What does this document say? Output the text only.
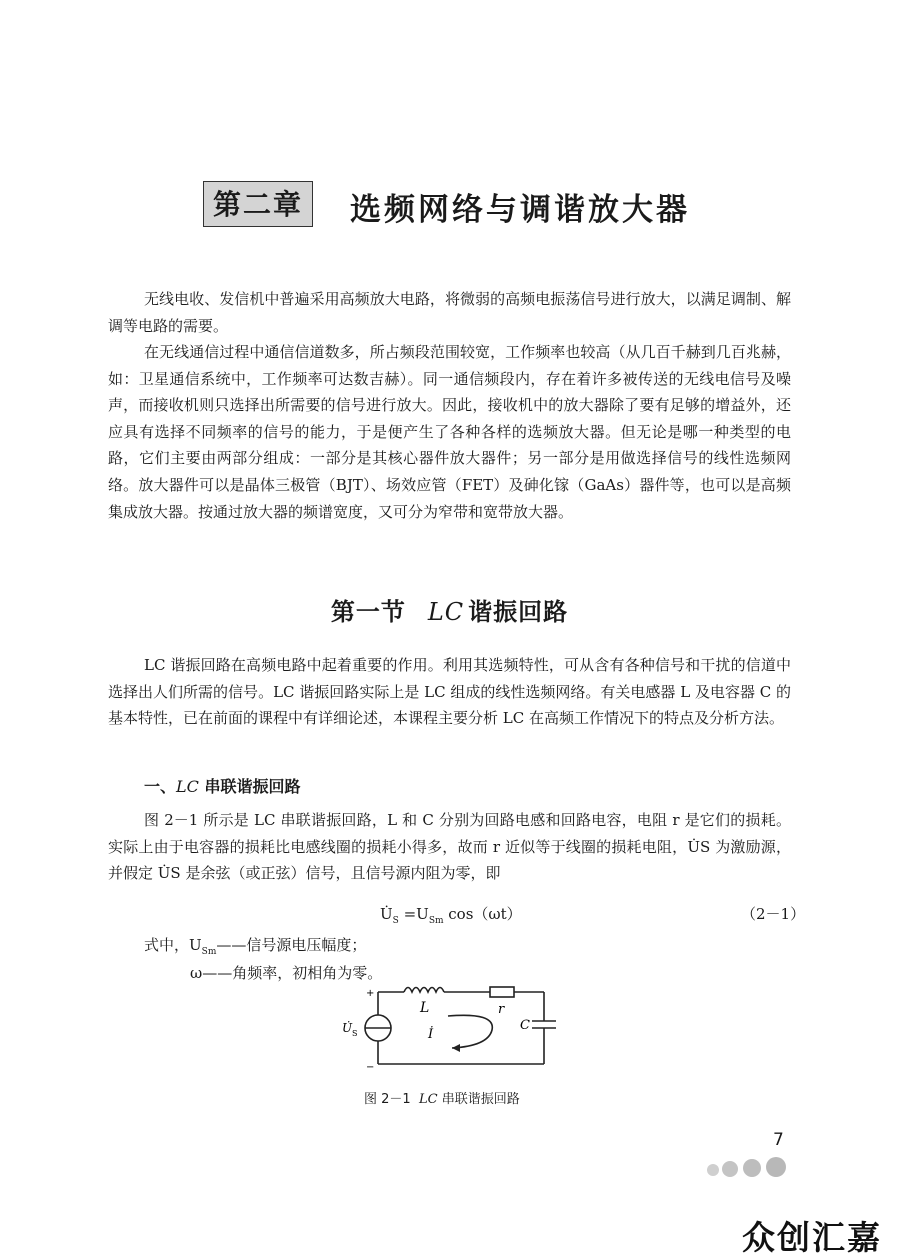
第二章	选频网络与调谐放大器

无线电收、发信机中普遍采用高频放大电路，将微弱的高频电振荡信号进行放大，以满足调制、解调等电路的需要。

在无线通信过程中通信信道数多，所占频段范围较宽，工作频率也较高（从几百千赫到几百兆赫，如：卫星通信系统中，工作频率可达数吉赫）。同一通信频段内，存在着许多被传送的无线电信号及噪声，而接收机则只选择出所需要的信号进行放大。因此，接收机中的放大器除了要有足够的增益外，还应具有选择不同频率的信号的能力，于是便产生了各种各样的选频放大器。但无论是哪一种类型的电路，它们主要由两部分组成：一部分是其核心器件放大器件；另一部分是用做选择信号的线性选频网络。放大器件可以是晶体三极管（BJT）、场效应管（FET）及砷化镓（GaAs）器件等，也可以是高频集成放大器。按通过放大器的频谱宽度，又可分为窄带和宽带放大器。

第一节 LC 谐振回路

LC 谐振回路在高频电路中起着重要的作用。利用其选频特性，可从含有各种信号和干扰的信道中选择出人们所需的信号。LC 谐振回路实际上是 LC 组成的线性选频网络。有关电感器 L 及电容器 C 的基本特性，已在前面的课程中有详细论述，本课程主要分析 LC 在高频工作情况下的特点及分析方法。

一、LC 串联谐振回路

图 2－1 所示是 LC 串联谐振回路，L 和 C 分别为回路电感和回路电容，电阻 r 是它们的损耗。实际上由于电容器的损耗比电感线圈的损耗小得多，故而 r 近似等于线圈的损耗电阻，U̇S 为激励源，并假定 U̇S 是余弦（或正弦）信号，且信号源内阻为零，即

$U̇_S =U_{Sm}$ cos（ωt）	（2－1）
式中，$U_{Sm}——$信号源电压幅度；
ω——角频率，初相角为零。
+
−
L	r
C
İ
U̇ S
图 2－1 LC 串联谐振回路
7
众创汇嘉
